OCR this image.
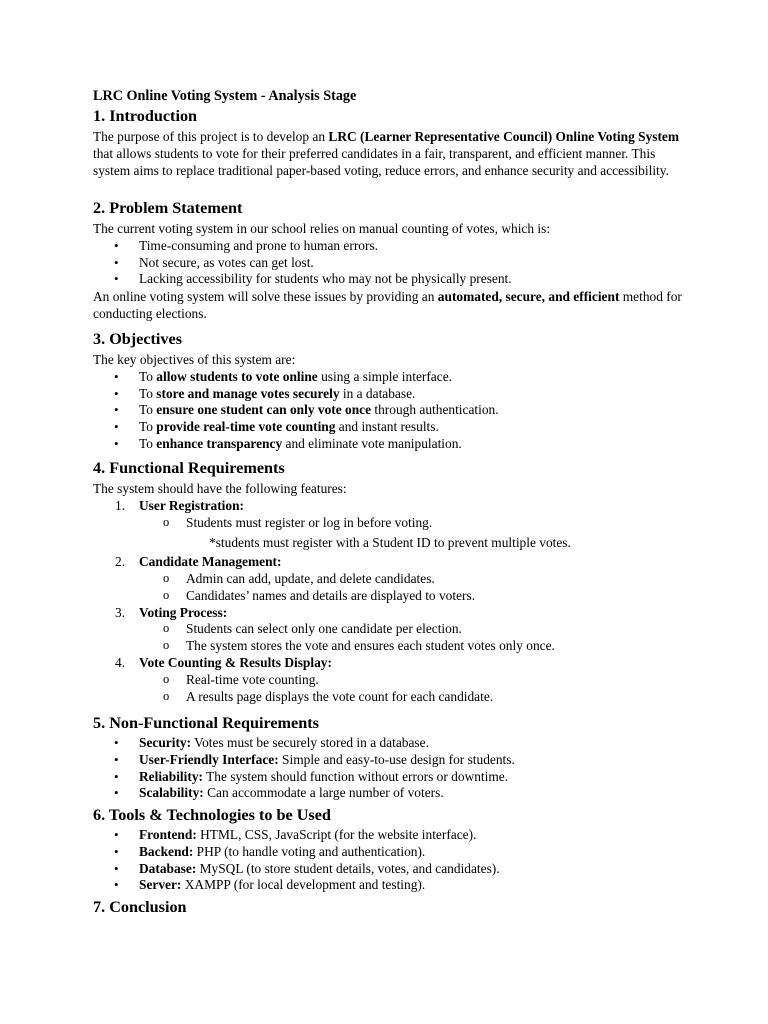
LRC Online Voting System - Analysis Stage
1. Introduction

The purpose of this project is to develop an LRC (Learner Representative Council) Online Voting System that allows students to vote for their preferred candidates in a fair, transparent, and efficient manner. This system aims to replace traditional paper-based voting, reduce errors, and enhance security and accessibility.

2. Problem Statement

The current voting system in our school relies on manual counting of votes, which is:

• Time-consuming and prone to human errors.
• Not secure, as votes can get lost.
• Lacking accessibility for students who may not be physically present.

An online voting system will solve these issues by providing an automated, secure, and efficient method for conducting elections.

3. Objectives

The key objectives of this system are:

• To allow students to vote online using a simple interface.
• To store and manage votes securely in a database.
• To ensure one student can only vote once through authentication.
• To provide real-time vote counting and instant results.
• To enhance transparency and eliminate vote manipulation.
4. Functional Requirements

The system should have the following features:

1. User Registration:
o Students must register or log in before voting.

*students must register with a Student ID to prevent multiple votes.

2. Candidate Management:
o Admin can add, update, and delete candidates.
o Candidates’ names and details are displayed to voters.
3. Voting Process:
o Students can select only one candidate per election.
o The system stores the vote and ensures each student votes only once.
4. Vote Counting & Results Display:
o Real-time vote counting.
o A results page displays the vote count for each candidate.
5. Non-Functional Requirements
• Security: Votes must be securely stored in a database.
• User-Friendly Interface: Simple and easy-to-use design for students.
• Reliability: The system should function without errors or downtime.
• Scalability: Can accommodate a large number of voters.
6. Tools & Technologies to be Used
• Frontend: HTML, CSS, JavaScript (for the website interface).
• Backend: PHP (to handle voting and authentication).
• Database: MySQL (to store student details, votes, and candidates).
• Server: XAMPP (for local development and testing).
7. Conclusion
